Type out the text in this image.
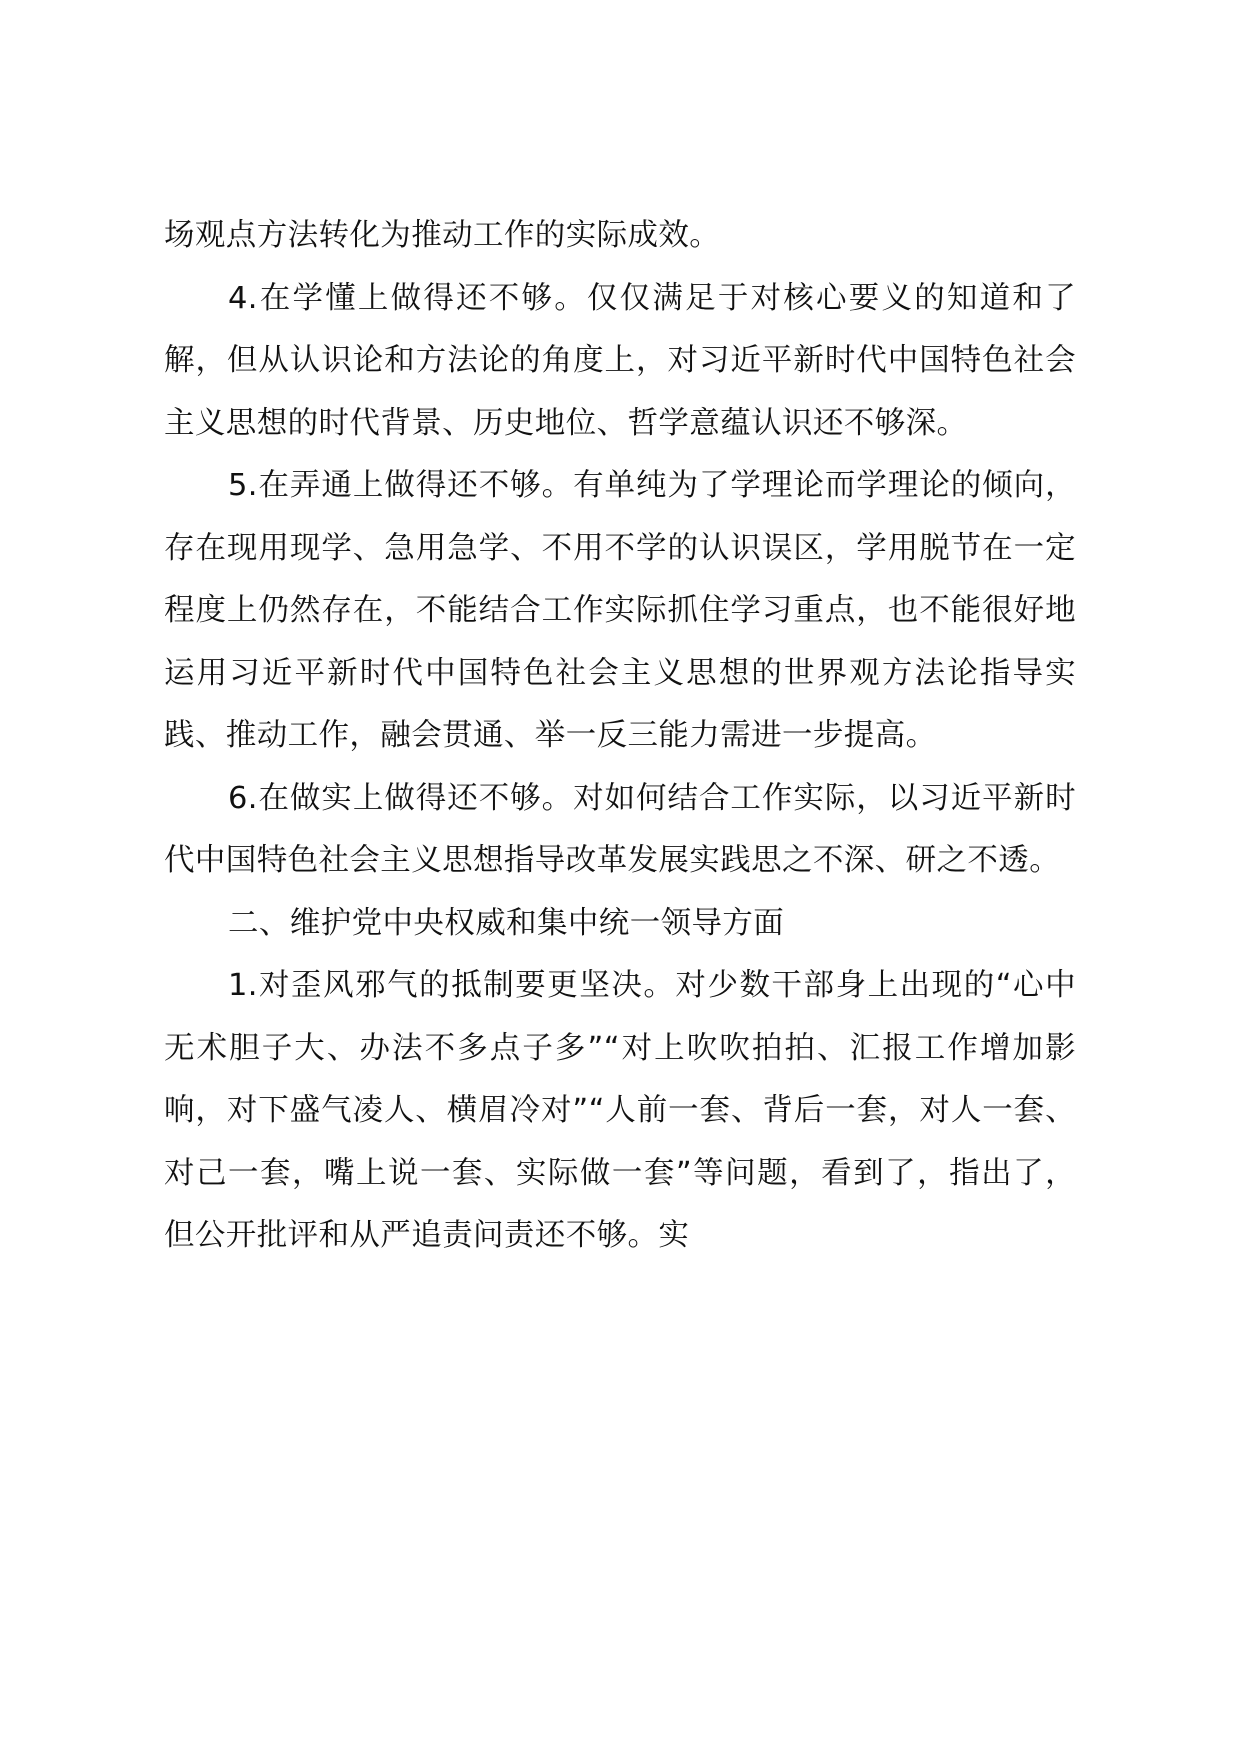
场观点方法转化为推动工作的实际成效。

4.在学懂上做得还不够。仅仅满足于对核心要义的知道和了解，但从认识论和方法论的角度上，对习近平新时代中国特色社会主义思想的时代背景、历史地位、哲学意蕴认识还不够深。

5.在弄通上做得还不够。有单纯为了学理论而学理论的倾向，存在现用现学、急用急学、不用不学的认识误区，学用脱节在一定程度上仍然存在，不能结合工作实际抓住学习重点，也不能很好地运用习近平新时代中国特色社会主义思想的世界观方法论指导实践、推动工作，融会贯通、举一反三能力需进一步提高。

6.在做实上做得还不够。对如何结合工作实际，以习近平新时代中国特色社会主义思想指导改革发展实践思之不深、研之不透。

二、维护党中央权威和集中统一领导方面

1.对歪风邪气的抵制要更坚决。对少数干部身上出现的“心中无术胆子大、办法不多点子多”“对上吹吹拍拍、汇报工作增加影响，对下盛气凌人、横眉冷对”“人前一套、背后一套，对人一套、对己一套，嘴上说一套、实际做一套”等问题，看到了，指出了，但公开批评和从严追责问责还不够。实
